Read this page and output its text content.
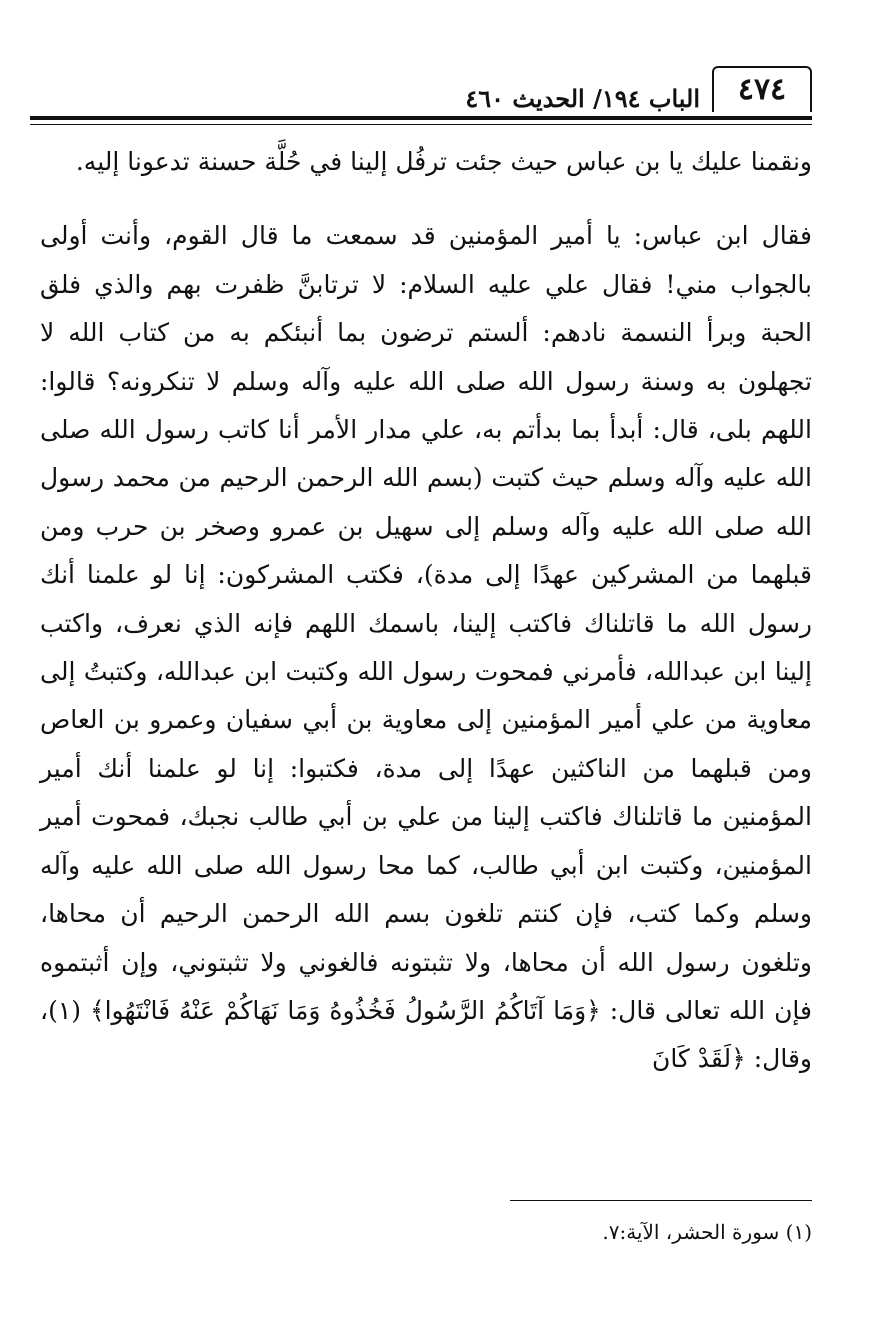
٤٧٤
الباب ١٩٤/ الحديث ٤٦٠

ونقمنا عليك يا بن عباس حيث جئت ترفُل إلينا في حُلَّة حسنة تدعونا إليه.

فقال ابن عباس: يا أمير المؤمنين قد سمعت ما قال القوم، وأنت أولى بالجواب مني! فقال علي عليه السلام: لا ترتابنَّ ظفرت بهم والذي فلق الحبة وبرأ النسمة نادهم: ألستم ترضون بما أنبئكم به من كتاب الله لا تجهلون به وسنة رسول الله صلى الله عليه وآله وسلم لا تنكرونه؟ قالوا: اللهم بلى، قال: أبدأ بما بدأتم به، علي مدار الأمر أنا كاتب رسول الله صلى الله عليه وآله وسلم حيث كتبت (بسم الله الرحمن الرحيم من محمد رسول الله صلى الله عليه وآله وسلم إلى سهيل بن عمرو وصخر بن حرب ومن قبلهما من المشركين عهدًا إلى مدة)، فكتب المشركون: إنا لو علمنا أنك رسول الله ما قاتلناك فاكتب إلينا، باسمك اللهم فإنه الذي نعرف، واكتب إلينا ابن عبدالله، فأمرني فمحوت رسول الله وكتبت ابن عبدالله، وكتبتُ إلى معاوية من علي أمير المؤمنين إلى معاوية بن أبي سفيان وعمرو بن العاص ومن قبلهما من الناكثين عهدًا إلى مدة، فكتبوا: إنا لو علمنا أنك أمير المؤمنين ما قاتلناك فاكتب إلينا من علي بن أبي طالب نجبك، فمحوت أمير المؤمنين، وكتبت ابن أبي طالب، كما محا رسول الله صلى الله عليه وآله وسلم وكما كتب، فإن كنتم تلغون بسم الله الرحمن الرحيم أن محاها، وتلغون رسول الله أن محاها، ولا تثبتونه فالغوني ولا تثبتوني، وإن أثبتموه فإن الله تعالى قال: ﴿وَمَا آتَاكُمُ الرَّسُولُ فَخُذُوهُ وَمَا نَهَاكُمْ عَنْهُ فَانْتَهُوا﴾ (١)، وقال: ﴿لَقَدْ كَانَ

(١) سورة الحشر، الآية:٧.
